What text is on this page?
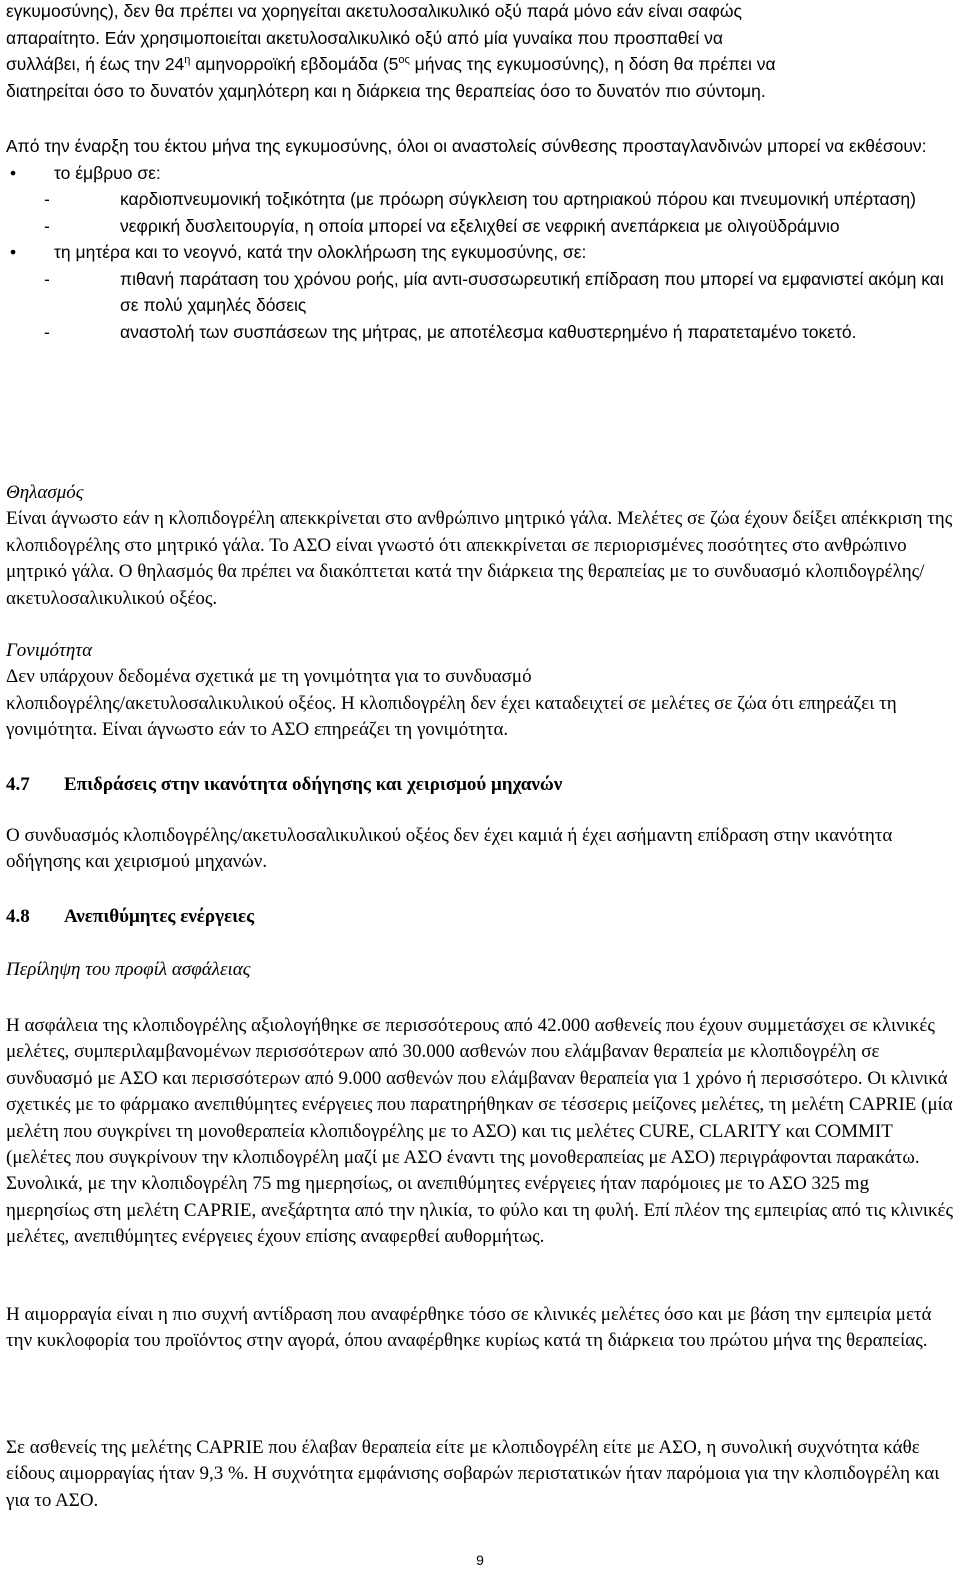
εγκυμοσύνης), δεν θα πρέπει να χορηγείται ακετυλοσαλικυλικό οξύ παρά μόνο εάν είναι σαφώς

απαραίτητο. Εάν χρησιμοποιείται ακετυλοσαλικυλικό οξύ από μία γυναίκα που προσπαθεί να

συλλάβει, ή έως την $24^\eta$ αμηνορροϊκή εβδομάδα ($5^{o\varsigma}$ μήνας της εγκυμοσύνης), η δόση θα πρέπει να

διατηρείται όσο το δυνατόν χαμηλότερη και η διάρκεια της θεραπείας όσο το δυνατόν πιο σύντομη.

Από την έναρξη του έκτου μήνα της εγκυμοσύνης, όλοι οι αναστολείς σύνθεσης προσταγλανδινών μπορεί να εκθέσουν:

• το έμβρυο σε:
-	καρδιοπνευμονική τοξικότητα (με πρόωρη σύγκλειση του αρτηριακού πόρου και πνευμονική υπέρταση)
-	νεφρική δυσλειτουργία, η οποία μπορεί να εξελιχθεί σε νεφρική ανεπάρκεια με ολιγοϋδράμνιο
• τη μητέρα και το νεογνό, κατά την ολοκλήρωση της εγκυμοσύνης, σε:
-	πιθανή παράταση του χρόνου ροής, μία αντι-συσσωρευτική επίδραση που μπορεί να εμφανιστεί ακόμη και σε πολύ χαμηλές δόσεις
-	αναστολή των συσπάσεων της μήτρας, με αποτέλεσμα καθυστερημένο ή παρατεταμένο τοκετό.

Θηλασμός

Είναι άγνωστο εάν η κλοπιδογρέλη απεκκρίνεται στο ανθρώπινο μητρικό γάλα. Μελέτες σε ζώα έχουν δείξει απέκκριση της κλοπιδογρέλης στο μητρικό γάλα. Το ΑΣΟ είναι γνωστό ότι απεκκρίνεται σε περιορισμένες ποσότητες στο ανθρώπινο μητρικό γάλα. Ο θηλασμός θα πρέπει να διακόπτεται κατά την διάρκεια της θεραπείας με το συνδυασμό κλοπιδογρέλης/ακετυλοσαλικυλικού οξέος.

Γονιμότητα

Δεν υπάρχουν δεδομένα σχετικά με τη γονιμότητα για το συνδυασμό

κλοπιδογρέλης/ακετυλοσαλικυλικού οξέος. Η κλοπιδογρέλη δεν έχει καταδειχτεί σε μελέτες σε ζώα ότι επηρεάζει τη γονιμότητα. Είναι άγνωστο εάν το ΑΣΟ επηρεάζει τη γονιμότητα.

4.7 Επιδράσεις στην ικανότητα οδήγησης και χειρισμού μηχανών

Ο συνδυασμός κλοπιδογρέλης/ακετυλοσαλικυλικού οξέος δεν έχει καμιά ή έχει ασήμαντη επίδραση στην ικανότητα οδήγησης και χειρισμού μηχανών.

4.8 Ανεπιθύμητες ενέργειες

Περίληψη του προφίλ ασφάλειας

Η ασφάλεια της κλοπιδογρέλης αξιολογήθηκε σε περισσότερους από 42.000 ασθενείς που έχουν συμμετάσχει σε κλινικές μελέτες, συμπεριλαμβανομένων περισσότερων από 30.000 ασθενών που ελάμβαναν θεραπεία με κλοπιδογρέλη σε συνδυασμό με ΑΣΟ και περισσότερων από 9.000 ασθενών που ελάμβαναν θεραπεία για 1 χρόνο ή περισσότερο. Οι κλινικά σχετικές με το φάρμακο ανεπιθύμητες ενέργειες που παρατηρήθηκαν σε τέσσερις μείζονες μελέτες, τη μελέτη CAPRIE (μία μελέτη που συγκρίνει τη μονοθεραπεία κλοπιδογρέλης με το ΑΣΟ) και τις μελέτες CURE, CLARITY και COMMIT (μελέτες που συγκρίνουν την κλοπιδογρέλη μαζί με ΑΣΟ έναντι της μονοθεραπείας με ΑΣΟ) περιγράφονται παρακάτω. Συνολικά, με την κλοπιδογρέλη 75 mg ημερησίως, οι ανεπιθύμητες ενέργειες ήταν παρόμοιες με το ΑΣΟ 325 mg ημερησίως στη μελέτη CAPRIE, ανεξάρτητα από την ηλικία, το φύλο και τη φυλή. Επί πλέον της εμπειρίας από τις κλινικές μελέτες, ανεπιθύμητες ενέργειες έχουν επίσης αναφερθεί αυθορμήτως.

Η αιμορραγία είναι η πιο συχνή αντίδραση που αναφέρθηκε τόσο σε κλινικές μελέτες όσο και με βάση την εμπειρία μετά την κυκλοφορία του προϊόντος στην αγορά, όπου αναφέρθηκε κυρίως κατά τη διάρκεια του πρώτου μήνα της θεραπείας.

Σε ασθενείς της μελέτης CAPRIE που έλαβαν θεραπεία είτε με κλοπιδογρέλη είτε με ΑΣΟ, η συνολική συχνότητα κάθε είδους αιμορραγίας ήταν 9,3 %. Η συχνότητα εμφάνισης σοβαρών περιστατικών ήταν παρόμοια για την κλοπιδογρέλη και για το ΑΣΟ.

9
